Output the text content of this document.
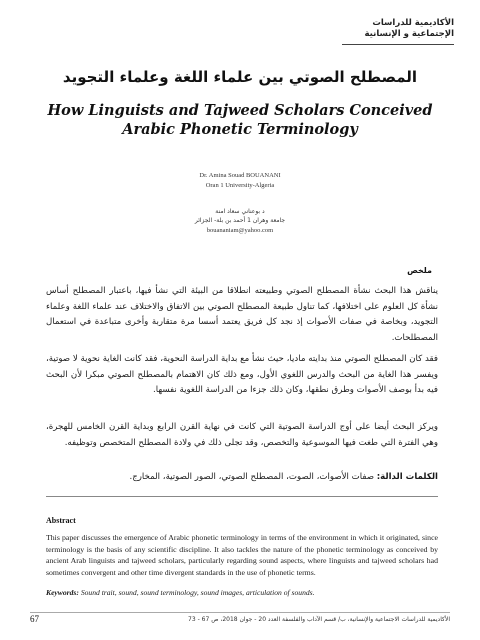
الأكاديمية للدراسات
الإجتماعية و الإنسانية
المصطلح الصوتي بين علماء اللغة وعلماء التجويد
How Linguists and Tajweed Scholars Conceived Arabic Phonetic Terminology
Dr. Amina Souad BOUANANI
Oran 1 University-Algeria
د بوعناني سعاد امنة
جامعة وهران 1 أحمد بن بلة- الجزائر
bouananiam@yahoo.com
ملخص

يناقش هذا البحث نشأة المصطلح الصوتي وطبيعته انطلاقا من البيئة التي نشأ فيها، باعتبار المصطلح أساس نشأة كل العلوم على اختلافها، كما تناول طبيعة المصطلح الصوتي بين الاتفاق والاختلاف عند علماء اللغة وعلماء التجويد، وبخاصة في صفات الأصوات إذ نجد كل فريق يعتمد أسسا مرة متقاربة وأخرى متباعدة في استعمال المصطلحات.

فقد كان المصطلح الصوتي منذ بدايته ماديا، حيث نشأ مع بداية الدراسة النحوية، فقد كانت الغاية نحوية لا صوتية، ويفسر هذا الغاية من البحث والدرس اللغوي الأول، ومع ذلك كان الاهتمام بالمصطلح الصوتي مبكرا لأن البحث فيه بدأ بوصف الأصوات وطرق نطقها، وكان ذلك جزءا من الدراسة اللغوية نفسها.

ويركز البحث أيضا على أوج الدراسة الصوتية التي كانت في نهاية القرن الرابع وبداية القرن الخامس للهجرة، وهي الفترة التي طغت فيها الموسوعية والتخصص، وقد تجلى ذلك في ولادة المصطلح المتخصص وتوظيفه.

الكلمات الدالة: صفات الأصوات، الصوت، المصطلح الصوتي، الصور الصوتية، المخارج.
Abstract

This paper discusses the emergence of Arabic phonetic terminology in terms of the environment in which it originated, since terminology is the basis of any scientific discipline. It also tackles the nature of the phonetic terminology as conceived by ancient Arab linguists and tajweed scholars, particularly regarding sound aspects, where linguists and tajweed scholars had sometimes convergent and other time divergent standards in the use of phonetic terms.

Keywords: Sound trait, sound, sound terminology, sound images, articulation of sounds.
67	الأكاديمية للدراسات الاجتماعية والإنسانية، ب/ قسم الآداب والفلسفة العدد 20 - جوان 2018، ص 67 - 73
